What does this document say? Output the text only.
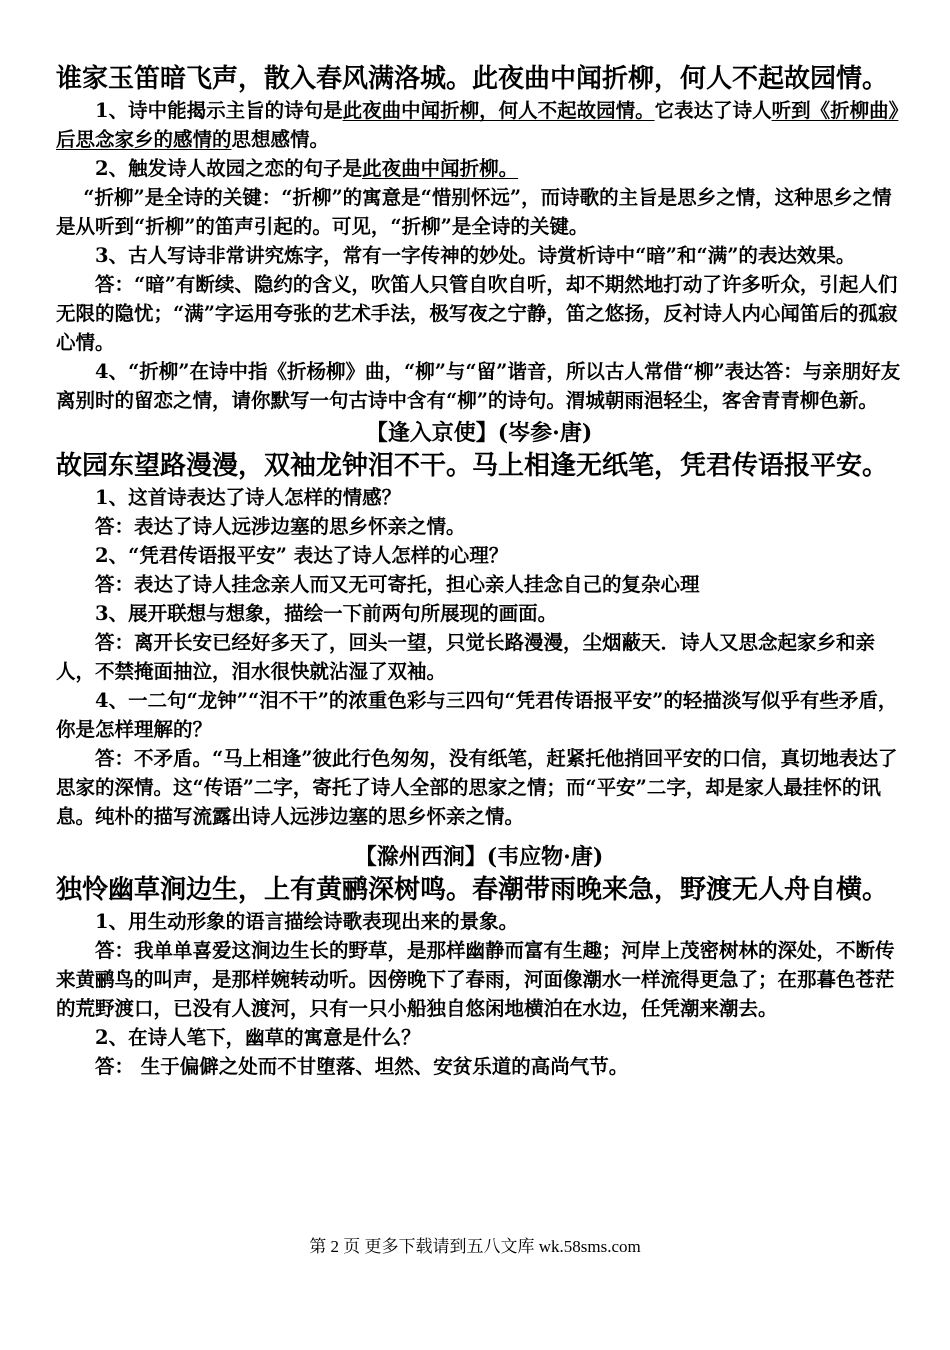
谁家玉笛暗飞声，散入春风满洛城。此夜曲中闻折柳，何人不起故园情。

1、诗中能揭示主旨的诗句是此夜曲中闻折柳，何人不起故园情。它表达了诗人听到《折柳曲》后思念家乡的感情的思想感情。

2、触发诗人故园之恋的句子是此夜曲中闻折柳。

“折柳”是全诗的关键：“折柳”的寓意是“惜别怀远”，而诗歌的主旨是思乡之情，这种思乡之情是从听到“折柳”的笛声引起的。可见，“折柳”是全诗的关键。

3、古人写诗非常讲究炼字，常有一字传神的妙处。诗赏析诗中“暗”和“满”的表达效果。

答：“暗”有断续、隐约的含义，吹笛人只管自吹自听，却不期然地打动了许多听众，引起人们无限的隐忧；“满”字运用夸张的艺术手法，极写夜之宁静，笛之悠扬，反衬诗人内心闻笛后的孤寂心情。

4、“折柳”在诗中指《折杨柳》曲，“柳”与“留”谐音，所以古人常借“柳”表达答：与亲朋好友离别时的留恋之情，请你默写一句古诗中含有“柳”的诗句。渭城朝雨浥轻尘，客舍青青柳色新。

【逢入京使】(岑参·唐)

故园东望路漫漫，双袖龙钟泪不干。马上相逢无纸笔，凭君传语报平安。

1、这首诗表达了诗人怎样的情感？

答：表达了诗人远涉边塞的思乡怀亲之情。

2、“凭君传语报平安” 表达了诗人怎样的心理？

答：表达了诗人挂念亲人而又无可寄托，担心亲人挂念自己的复杂心理

3、展开联想与想象，描绘一下前两句所展现的画面。

答：离开长安已经好多天了，回头一望，只觉长路漫漫，尘烟蔽天．诗人又思念起家乡和亲人，不禁掩面抽泣，泪水很快就沾湿了双袖。

4、一二句“龙钟”“泪不干”的浓重色彩与三四句“凭君传语报平安”的轻描淡写似乎有些矛盾，你是怎样理解的？

答：不矛盾。“马上相逢”彼此行色匆匆，没有纸笔，赶紧托他捎回平安的口信，真切地表达了思家的深情。这“传语”二字，寄托了诗人全部的思家之情；而“平安”二字，却是家人最挂怀的讯息。纯朴的描写流露出诗人远涉边塞的思乡怀亲之情。

【滁州西涧】(韦应物·唐)

独怜幽草涧边生，上有黄鹂深树鸣。春潮带雨晚来急，野渡无人舟自横。

1、用生动形象的语言描绘诗歌表现出来的景象。

答：我单单喜爱这涧边生长的野草，是那样幽静而富有生趣；河岸上茂密树林的深处，不断传来黄鹂鸟的叫声，是那样婉转动听。因傍晚下了春雨，河面像潮水一样流得更急了；在那暮色苍茫的荒野渡口，已没有人渡河，只有一只小船独自悠闲地横泊在水边，任凭潮来潮去。

2、在诗人笔下，幽草的寓意是什么？

答： 生于偏僻之处而不甘堕落、坦然、安贫乐道的高尚气节。

第 2 页 更多下载请到五八文库 wk.58sms.com
